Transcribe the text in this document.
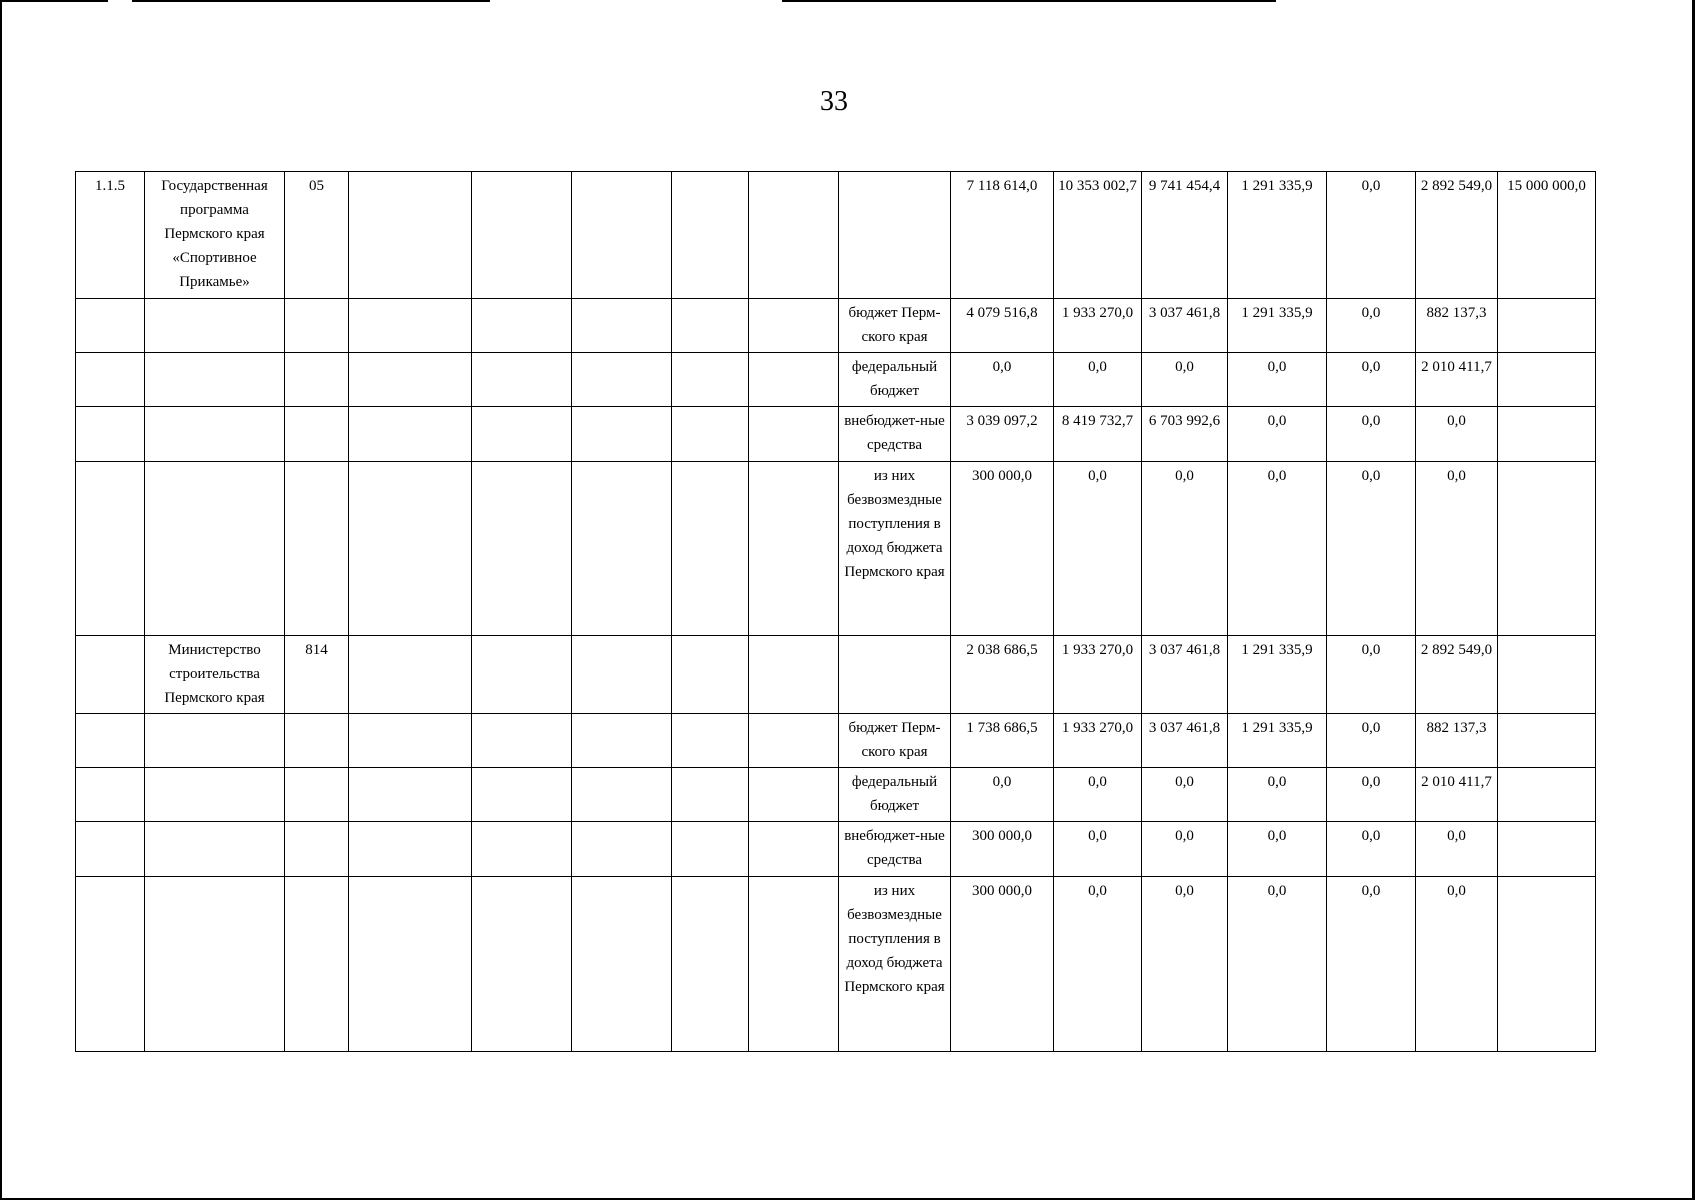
33
1.1.5	Государственная программа Пермского края «Спортивное Прикамье»	05							7 118 614,0	10 353 002,7	9 741 454,4	1 291 335,9	0,0	2 892 549,0	15 000 000,0
								бюджет Перм-ского края	4 079 516,8	1 933 270,0	3 037 461,8	1 291 335,9	0,0	882 137,3	
								федеральный бюджет	0,0	0,0	0,0	0,0	0,0	2 010 411,7	
								внебюджет-ные средства	3 039 097,2	8 419 732,7	6 703 992,6	0,0	0,0	0,0	
								из них безвозмездные поступления в доход бюджета Пермского края	300 000,0	0,0	0,0	0,0	0,0	0,0	
	Министерство строительства Пермского края	814							2 038 686,5	1 933 270,0	3 037 461,8	1 291 335,9	0,0	2 892 549,0	
								бюджет Перм-ского края	1 738 686,5	1 933 270,0	3 037 461,8	1 291 335,9	0,0	882 137,3	
								федеральный бюджет	0,0	0,0	0,0	0,0	0,0	2 010 411,7	
								внебюджет-ные средства	300 000,0	0,0	0,0	0,0	0,0	0,0	
								из них безвозмездные поступления в доход бюджета Пермского края	300 000,0	0,0	0,0	0,0	0,0	0,0	
